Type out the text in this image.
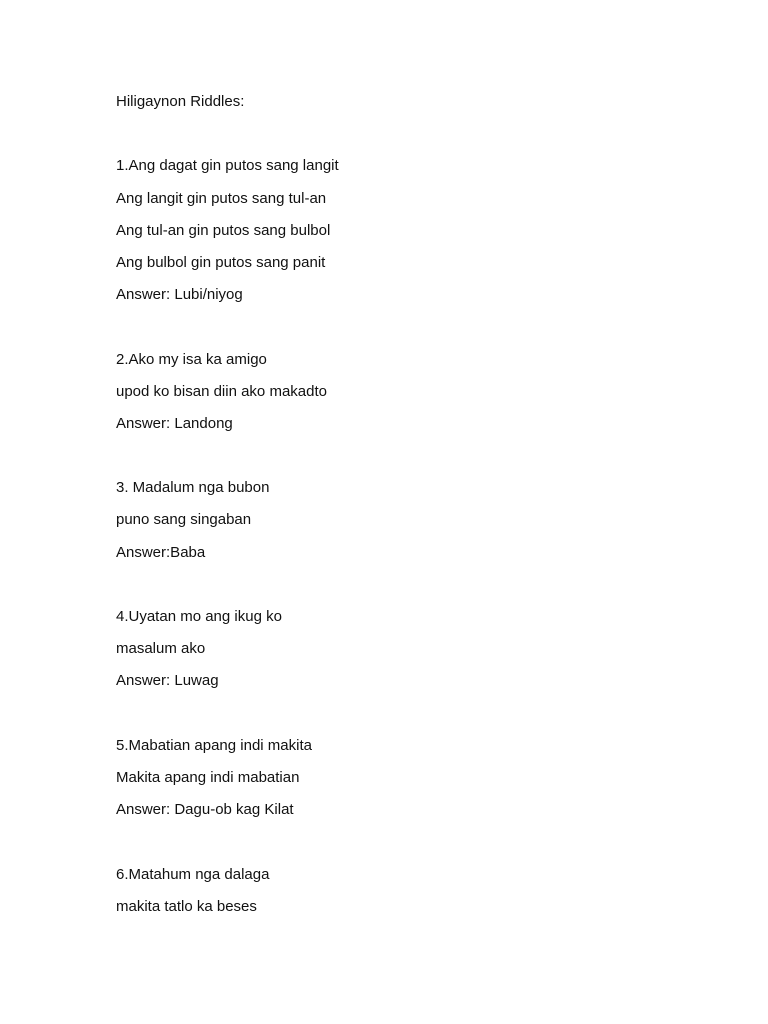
Hiligaynon Riddles:
1.Ang dagat gin putos sang langit
Ang langit gin putos sang tul-an
Ang tul-an gin putos sang bulbol
Ang bulbol gin putos sang panit
Answer: Lubi/niyog
2.Ako my isa ka amigo
upod ko bisan diin ako makadto
Answer: Landong
3. Madalum nga bubon
puno sang singaban
Answer:Baba
4.Uyatan mo ang ikug ko
masalum ako
Answer: Luwag
5.Mabatian apang indi makita
Makita apang indi mabatian
Answer: Dagu-ob kag Kilat
6.Matahum nga dalaga
makita tatlo ka beses
